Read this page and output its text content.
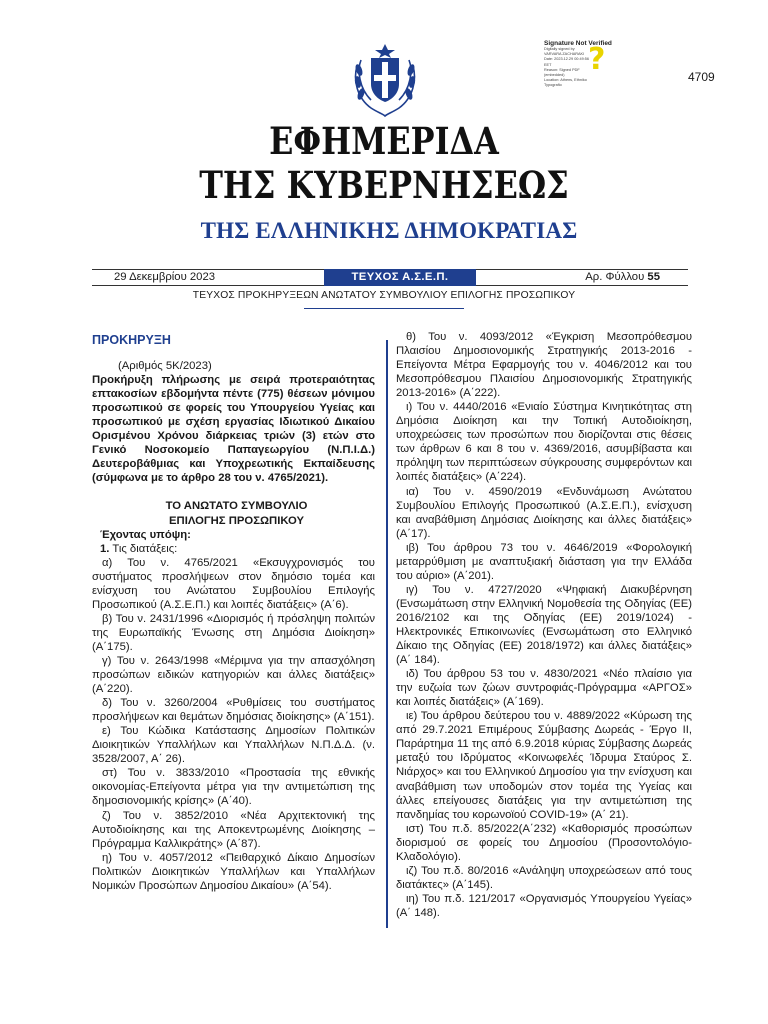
Signature Not Verified
Digitally signed by
VARVARA ZACHARAKI
Date: 2023.12.29 00:49:56
EET
Reason: Signed PDF
(embedded)
Location: Athens, Ethniko
Typografio
?	4709
ΕΦΗΜΕΡΙΔΑ
ΤΗΣ ΚΥΒΕΡΝΗΣΕΩΣ
ΤΗΣ ΕΛΛΗΝΙΚΗΣ ΔΗΜΟΚΡΑΤΙΑΣ
29 Δεκεμβρίου 2023	ΤΕΥΧΟΣ Α.Σ.Ε.Π.	Αρ. Φύλλου 55
ΤΕΥΧΟΣ ΠΡΟΚΗΡΥΞΕΩΝ ΑΝΩΤΑΤΟΥ ΣΥΜΒΟΥΛΙΟΥ ΕΠΙΛΟΓΗΣ ΠΡΟΣΩΠΙΚΟΥ
ΠΡΟΚΗΡΥΞΗ
(Αριθμός 5Κ/2023)
Προκήρυξη πλήρωσης με σειρά προτεραιότητας επτακοσίων εβδομήντα πέντε (775) θέσεων μόνιμου προσωπικού σε φορείς του Υπουργείου Υγείας και προσωπικού με σχέση εργασίας Ιδιωτικού Δικαίου Ορισμένου Χρόνου διάρκειας τριών (3) ετών στο Γενικό Νοσοκομείο Παπαγεωργίου (Ν.Π.Ι.Δ.) Δευτεροβάθμιας και Υποχρεωτικής Εκπαίδευσης (σύμφωνα με το άρθρο 28 του ν. 4765/2021).
ΤΟ ΑΝΩΤΑΤΟ ΣΥΜΒΟΥΛΙΟ
ΕΠΙΛΟΓΗΣ ΠΡΟΣΩΠΙΚΟΥ
Έχοντας υπόψη:
1. Τις διατάξεις:

α) Του ν. 4765/2021 «Εκσυγχρονισμός του συστήματος προσλήψεων στον δημόσιο τομέα και ενίσχυση του Ανώτατου Συμβουλίου Επιλογής Προσωπικού (Α.Σ.Ε.Π.) και λοιπές διατάξεις» (Α΄6).

β) Του ν. 2431/1996 «Διορισμός ή πρόσληψη πολιτών της Ευρωπαϊκής Ένωσης στη Δημόσια Διοίκηση» (Α΄175).

γ) Του ν. 2643/1998 «Μέριμνα για την απασχόληση προσώπων ειδικών κατηγοριών και άλλες διατάξεις» (Α΄220).

δ) Του ν. 3260/2004 «Ρυθμίσεις του συστήματος προσλήψεων και θεμάτων δημόσιας διοίκησης» (Α΄151).

ε) Του Κώδικα Κατάστασης Δημοσίων Πολιτικών Διοικητικών Υπαλλήλων και Υπαλλήλων Ν.Π.Δ.Δ. (ν. 3528/2007, Α΄ 26).

στ) Του ν. 3833/2010 «Προστασία της εθνικής οικονομίας-Επείγοντα μέτρα για την αντιμετώπιση της δημοσιονομικής κρίσης» (Α΄40).

ζ) Του ν. 3852/2010 «Νέα Αρχιτεκτονική της Αυτοδιοίκησης και της Αποκεντρωμένης Διοίκησης – Πρόγραμμα Καλλικράτης» (Α΄87).

η) Του ν. 4057/2012 «Πειθαρχικό Δίκαιο Δημοσίων Πολιτικών Διοικητικών Υπαλλήλων και Υπαλλήλων Νομικών Προσώπων Δημοσίου Δικαίου» (Α΄54).

θ) Του ν. 4093/2012 «Έγκριση Μεσοπρόθεσμου Πλαισίου Δημοσιονομικής Στρατηγικής 2013-2016 - Επείγοντα Μέτρα Εφαρμογής του ν. 4046/2012 και του Μεσοπρόθεσμου Πλαισίου Δημοσιονομικής Στρατηγικής 2013-2016» (Α΄222).

ι) Του ν. 4440/2016 «Ενιαίο Σύστημα Κινητικότητας στη Δημόσια Διοίκηση και την Τοπική Αυτοδιοίκηση, υποχρεώσεις των προσώπων που διορίζονται στις θέσεις των άρθρων 6 και 8 του ν. 4369/2016, ασυμβίβαστα και πρόληψη των περιπτώσεων σύγκρουσης συμφερόντων και λοιπές διατάξεις» (Α΄224).

ια) Του ν. 4590/2019 «Ενδυνάμωση Ανώτατου Συμβουλίου Επιλογής Προσωπικού (Α.Σ.Ε.Π.), ενίσχυση και αναβάθμιση Δημόσιας Διοίκησης και άλλες διατάξεις» (Α΄17).

ιβ) Του άρθρου 73 του ν. 4646/2019 «Φορολογική μεταρρύθμιση με αναπτυξιακή διάσταση για την Ελλάδα του αύριο» (Α΄201).

ιγ) Του ν. 4727/2020 «Ψηφιακή Διακυβέρνηση (Ενσωμάτωση στην Ελληνική Νομοθεσία της Οδηγίας (ΕΕ) 2016/2102 και της Οδηγίας (ΕΕ) 2019/1024) - Ηλεκτρονικές Επικοινωνίες (Ενσωμάτωση στο Ελληνικό Δίκαιο της Οδηγίας (ΕΕ) 2018/1972) και άλλες διατάξεις» (Α΄ 184).

ιδ) Του άρθρου 53 του ν. 4830/2021 «Νέο πλαίσιο για την ευζωία των ζώων συντροφιάς-Πρόγραμμα «ΑΡΓΟΣ» και λοιπές διατάξεις» (Α΄169).

ιε) Του άρθρου δεύτερου του ν. 4889/2022 «Κύρωση της από 29.7.2021 Επιμέρους Σύμβασης Δωρεάς - Έργο ΙΙ, Παράρτημα 11 της από 6.9.2018 κύριας Σύμβασης Δωρεάς μεταξύ του Ιδρύματος «Κοινωφελές Ίδρυμα Σταύρος Σ. Νιάρχος» και του Ελληνικού Δημοσίου για την ενίσχυση και αναβάθμιση των υποδομών στον τομέα της Υγείας και άλλες επείγουσες διατάξεις για την αντιμετώπιση της πανδημίας του κορωνοϊού COVID-19» (Α΄ 21).

ιστ) Του π.δ. 85/2022(Α΄232) «Καθορισμός προσώπων διορισμού σε φορείς του Δημοσίου (Προσοντολόγιο-Κλαδολόγιο).

ιζ) Του π.δ. 80/2016 «Ανάληψη υποχρεώσεων από τους διατάκτες» (Α΄145).

ιη) Του π.δ. 121/2017 «Οργανισμός Υπουργείου Υγείας» (Α΄ 148).
